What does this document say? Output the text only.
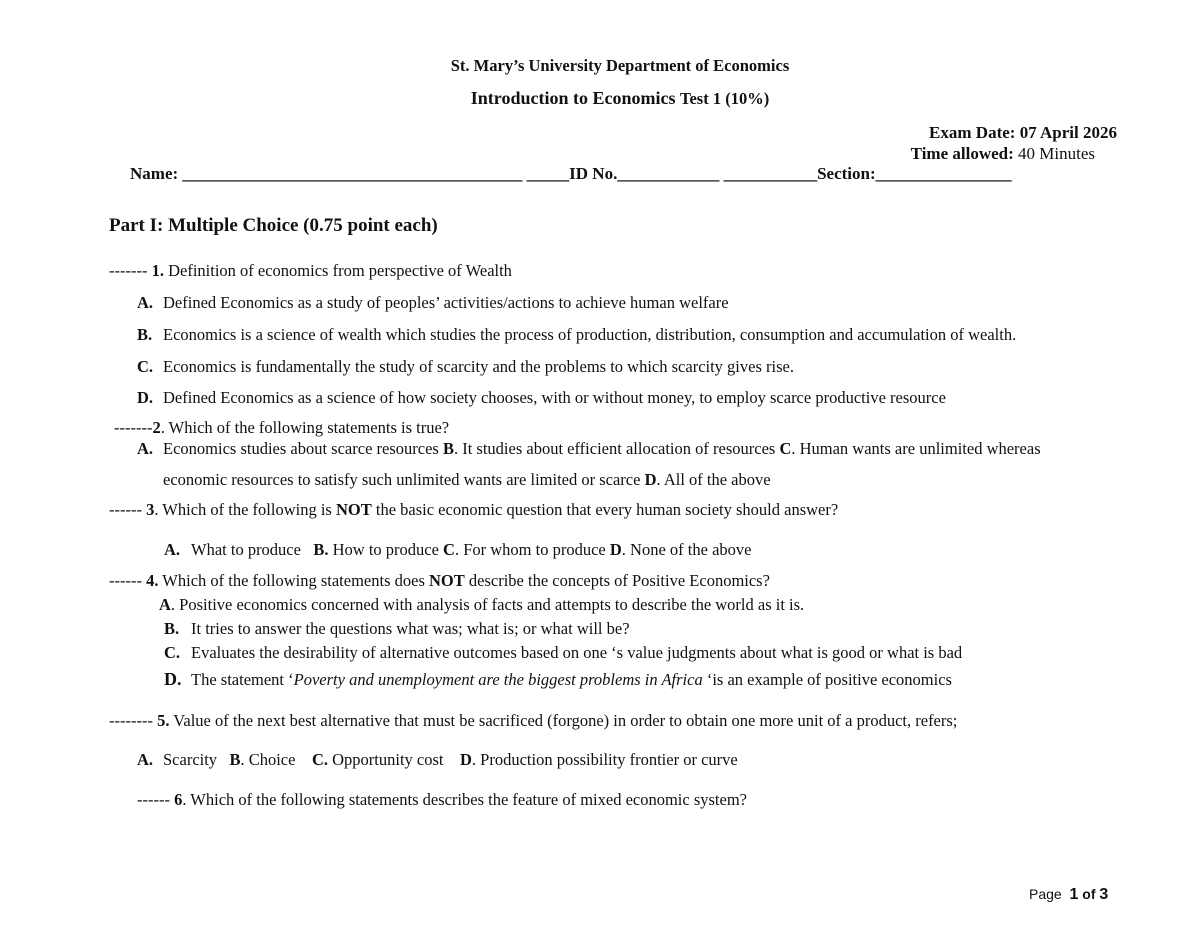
St. Mary’s University Department of Economics
Introduction to Economics Test 1 (10%)
Exam Date: 07 April 2026
Time allowed: 40 Minutes
Name: ________________________________________ _____ID No.____________ ___________Section:________________
Part I: Multiple Choice (0.75 point each)
------- 1. Definition of economics from perspective of Wealth
A. Defined Economics as a study of peoples’ activities/actions to achieve human welfare
B. Economics is a science of wealth which studies the process of production, distribution, consumption and accumulation of wealth.
C. Economics is fundamentally the study of scarcity and the problems to which scarcity gives rise.
D. Defined Economics as a science of how society chooses, with or without money, to employ scarce productive resource
-------2. Which of the following statements is true?
A. Economics studies about scarce resources B. It studies about efficient allocation of resources C. Human wants are unlimited whereas
economic resources to satisfy such unlimited wants are limited or scarce D. All of the above
------ 3. Which of the following is NOT the basic economic question that every human society should answer?
A. What to produce B. How to produce C. For whom to produce D. None of the above
------ 4. Which of the following statements does NOT describe the concepts of Positive Economics?
A. Positive economics concerned with analysis of facts and attempts to describe the world as it is.
B. It tries to answer the questions what was; what is; or what will be?
C. Evaluates the desirability of alternative outcomes based on one ‘s value judgments about what is good or what is bad
D. The statement ‘Poverty and unemployment are the biggest problems in Africa ‘is an example of positive economics
-------- 5. Value of the next best alternative that must be sacrificed (forgone) in order to obtain one more unit of a product, refers;
A. Scarcity B. Choice C. Opportunity cost D. Production possibility frontier or curve
------ 6. Which of the following statements describes the feature of mixed economic system?
Page 1 of 3
